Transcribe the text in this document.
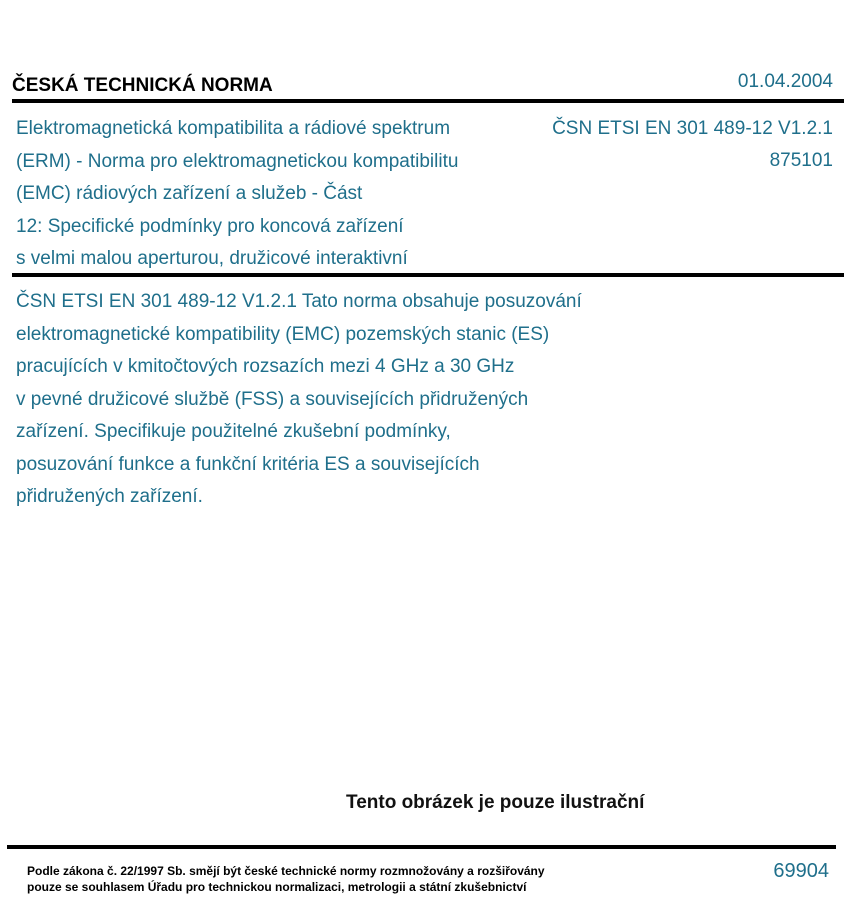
ČESKÁ TECHNICKÁ NORMA	01.04.2004
Elektromagnetická kompatibilita a rádiové spektrum
(ERM) - Norma pro elektromagnetickou kompatibilitu
(EMC) rádiových zařízení a služeb - Část
12: Specifické podmínky pro koncová zařízení
s velmi malou aperturou, družicové interaktivní
ČSN ETSI EN 301 489-12 V1.2.1
875101
ČSN ETSI EN 301 489-12 V1.2.1 Tato norma obsahuje posuzování
elektromagnetické kompatibility (EMC) pozemských stanic (ES)
pracujících v kmitočtových rozsazích mezi 4 GHz a 30 GHz
v pevné družicové službě (FSS) a souvisejících přidružených
zařízení. Specifikuje použitelné zkušební podmínky,
posuzování funkce a funkční kritéria ES a souvisejících
přidružených zařízení.
Tento obrázek je pouze ilustrační
Podle zákona č. 22/1997 Sb. smějí být české technické normy rozmnožovány a rozšiřovány
pouze se souhlasem Úřadu pro technickou normalizaci, metrologii a státní zkušebnictví
69904
